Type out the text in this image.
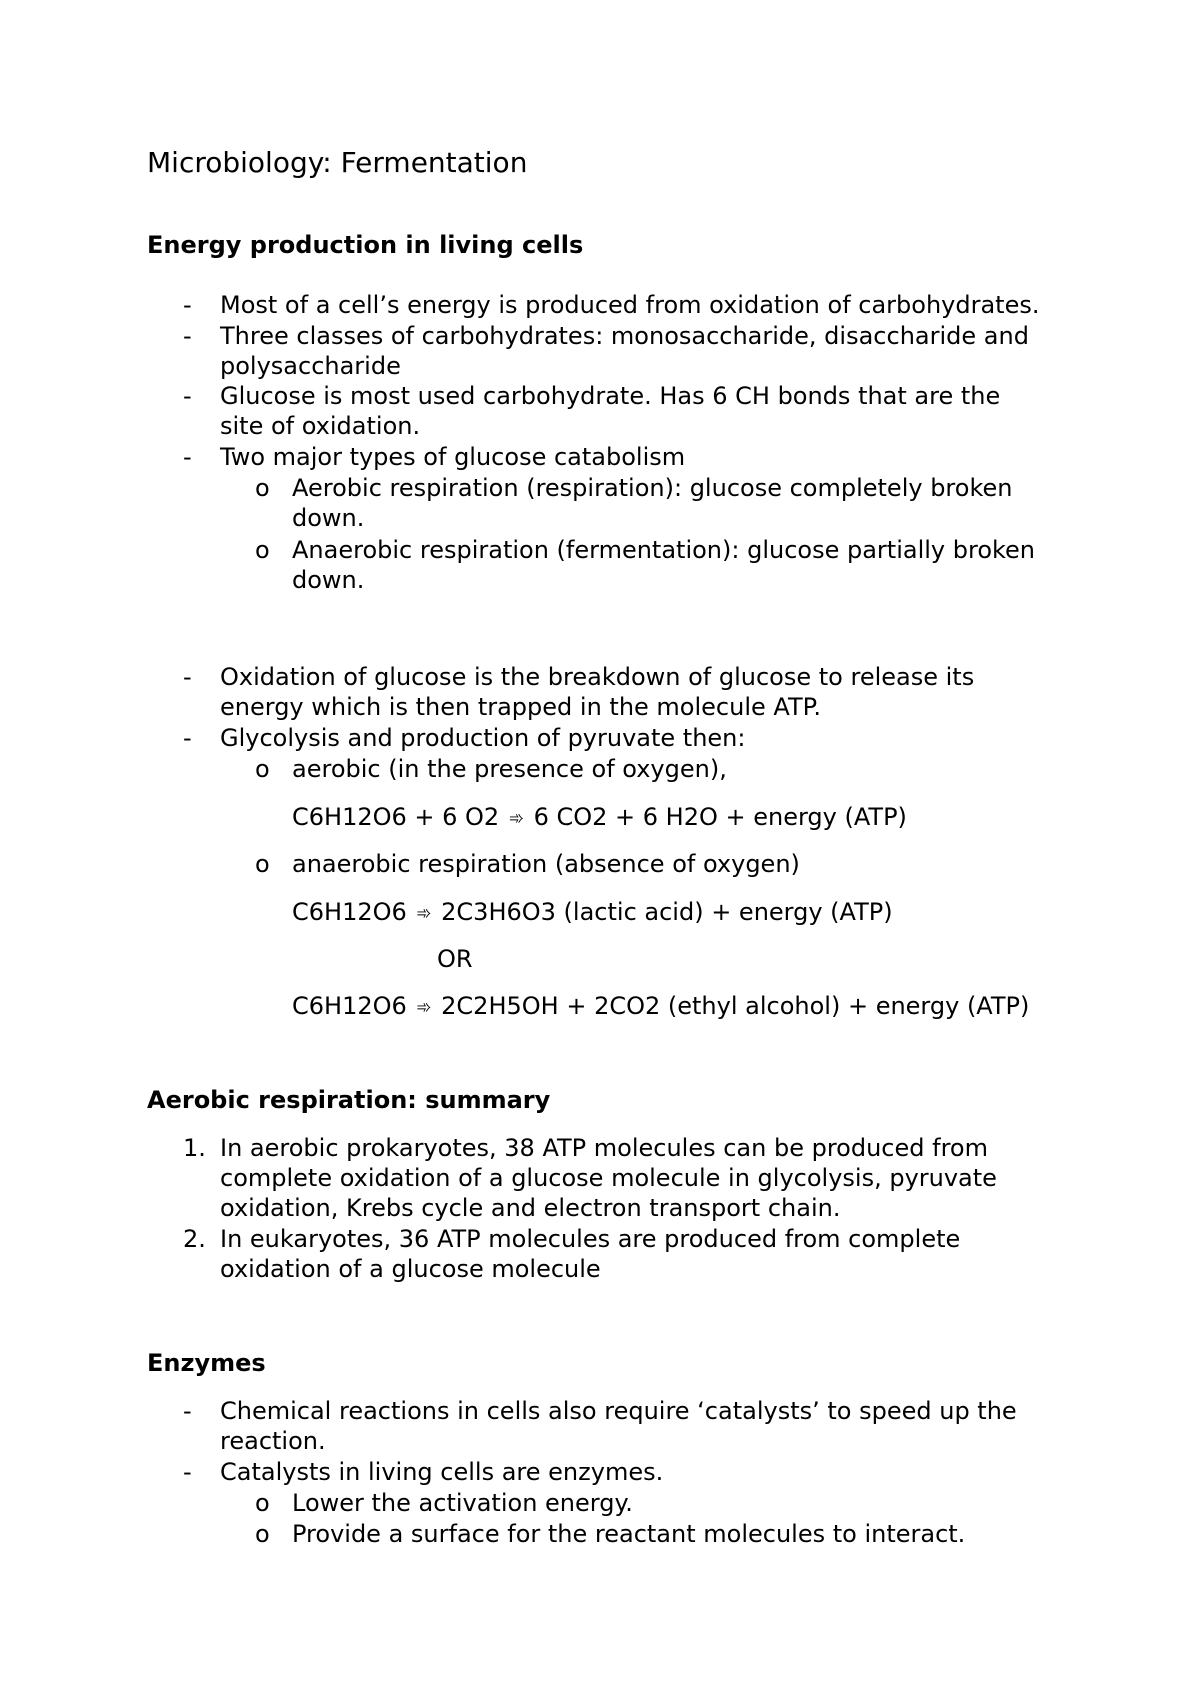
Microbiology: Fermentation
Energy production in living cells
- Most of a cell’s energy is produced from oxidation of carbohydrates.
- Three classes of carbohydrates: monosaccharide, disaccharide and
polysaccharide
- Glucose is most used carbohydrate. Has 6 CH bonds that are the
site of oxidation.
- Two major types of glucose catabolism
o Aerobic respiration (respiration): glucose completely broken
down.
o Anaerobic respiration (fermentation): glucose partially broken
down.
- Oxidation of glucose is the breakdown of glucose to release its
energy which is then trapped in the molecule ATP.
- Glycolysis and production of pyruvate then:
o aerobic (in the presence of oxygen),
C6H12O6 + 6 O2 ➾ 6 CO2 + 6 H2O + energy (ATP)
o anaerobic respiration (absence of oxygen)
C6H12O6 ➾ 2C3H6O3 (lactic acid) + energy (ATP)
OR
C6H12O6 ➾ 2C2H5OH + 2CO2 (ethyl alcohol) + energy (ATP)
Aerobic respiration: summary
1. In aerobic prokaryotes, 38 ATP molecules can be produced from
complete oxidation of a glucose molecule in glycolysis, pyruvate
oxidation, Krebs cycle and electron transport chain.
2. In eukaryotes, 36 ATP molecules are produced from complete
oxidation of a glucose molecule
Enzymes
- Chemical reactions in cells also require ‘catalysts’ to speed up the
reaction.
- Catalysts in living cells are enzymes.
o Lower the activation energy.
o Provide a surface for the reactant molecules to interact.
